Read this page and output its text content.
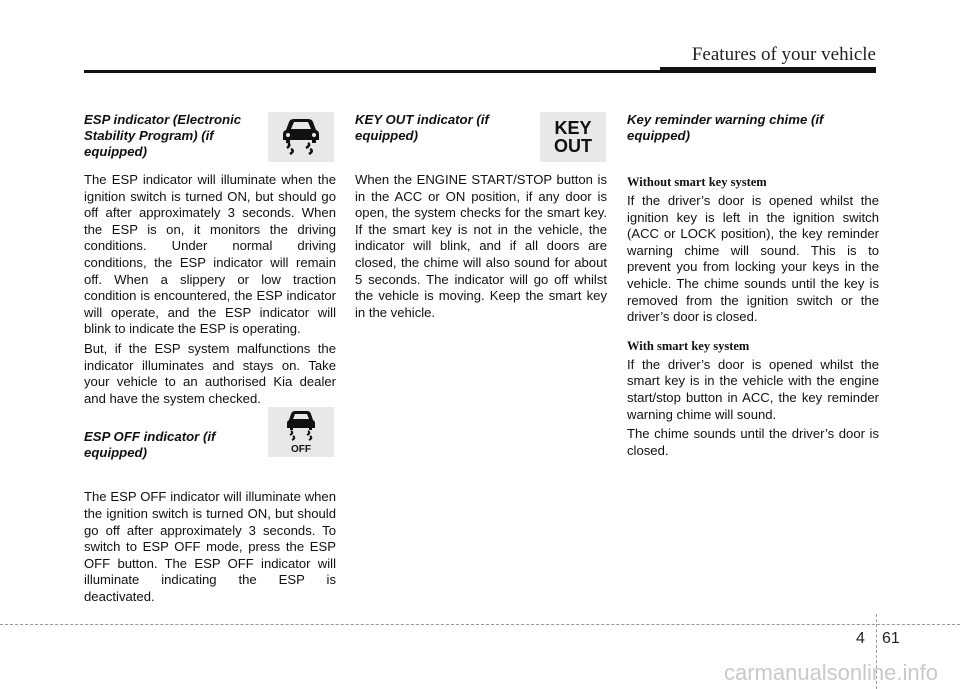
Features of your vehicle

ESP indicator (Electronic Stability Program) (if equipped)

The ESP indicator will illuminate when the ignition switch is turned ON, but should go off after approximately 3 seconds. When the ESP is on, it monitors the driving conditions. Under normal driving conditions, the ESP indicator will remain off. When a slippery or low traction condition is encountered, the ESP indicator will operate, and the ESP indicator will blink to indicate the ESP is operating.

But, if the ESP system malfunctions the indicator illuminates and stays on. Take your vehicle to an authorised Kia dealer and have the system checked.

ESP OFF indicator (if equipped)

The ESP OFF indicator will illuminate when the ignition switch is turned ON, but should go off after approximately 3 seconds. To switch to ESP OFF mode, press the ESP OFF button. The ESP OFF indicator will illuminate indicating the ESP is deactivated.

OFF

KEY OUT indicator (if equipped)

When the ENGINE START/STOP button is in the ACC or ON position, if any door is open, the system checks for the smart key. If the smart key is not in the vehicle, the indicator will blink, and if all doors are closed, the chime will also sound for about 5 seconds. The indicator will go off whilst the vehicle is moving. Keep the smart key in the vehicle.

KEY
OUT

Key reminder warning chime (if equipped)

Without smart key system

If the driver’s door is opened whilst the ignition key is left in the ignition switch (ACC or LOCK position), the key reminder warning chime will sound. This is to prevent you from locking your keys in the vehicle. The chime sounds until the key is removed from the ignition switch or the driver’s door is closed.

With smart key system

If the driver’s door is opened whilst the smart key is in the vehicle with the engine start/stop button in ACC, the key reminder warning chime will sound.

The chime sounds until the driver’s door is closed.

4 61
carmanualsonline.info
